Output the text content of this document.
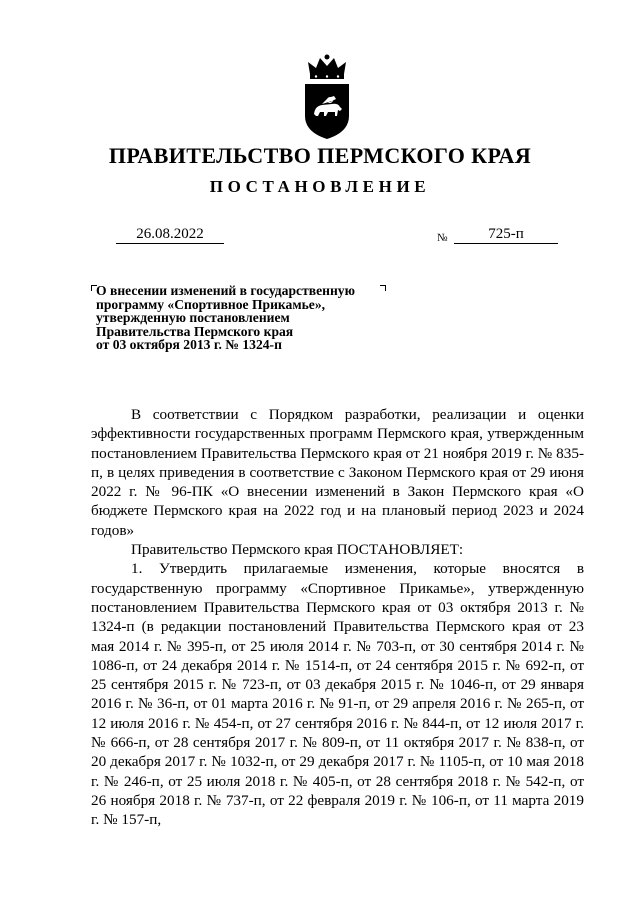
ПРАВИТЕЛЬСТВО ПЕРМСКОГО КРАЯ
ПОСТАНОВЛЕНИЕ
26.08.2022	№	725-п
О внесении изменений в государственную
программу «Спортивное Прикамье»,
утвержденную постановлением
Правительства Пермского края
от 03 октября 2013 г. № 1324-п

В соответствии с Порядком разработки, реализации и оценки эффективности государственных программ Пермского края, утвержденным постановлением Правительства Пермского края от 21 ноября 2019 г. № 835-п, в целях приведения в соответствие с Законом Пермского края от 29 июня 2022 г. № 96-ПК «О внесении изменений в Закон Пермского края «О бюджете Пермского края на 2022 год и на плановый период 2023 и 2024 годов»

Правительство Пермского края ПОСТАНОВЛЯЕТ:

1. Утвердить прилагаемые изменения, которые вносятся в государственную программу «Спортивное Прикамье», утвержденную постановлением Правительства Пермского края от 03 октября 2013 г. № 1324-п (в редакции постановлений Правительства Пермского края от 23 мая 2014 г. № 395-п, от 25 июля 2014 г. № 703-п, от 30 сентября 2014 г. № 1086-п, от 24 декабря 2014 г. № 1514-п, от 24 сентября 2015 г. № 692-п, от 25 сентября 2015 г. № 723-п, от 03 декабря 2015 г. № 1046-п, от 29 января 2016 г. № 36-п, от 01 марта 2016 г. № 91-п, от 29 апреля 2016 г. № 265-п, от 12 июля 2016 г. № 454-п, от 27 сентября 2016 г. № 844-п, от 12 июля 2017 г. № 666-п, от 28 сентября 2017 г. № 809-п, от 11 октября 2017 г. № 838-п, от 20 декабря 2017 г. № 1032-п, от 29 декабря 2017 г. № 1105-п, от 10 мая 2018 г. № 246-п, от 25 июля 2018 г. № 405-п, от 28 сентября 2018 г. № 542-п, от 26 ноября 2018 г. № 737-п, от 22 февраля 2019 г. № 106-п, от 11 марта 2019 г. № 157-п,
